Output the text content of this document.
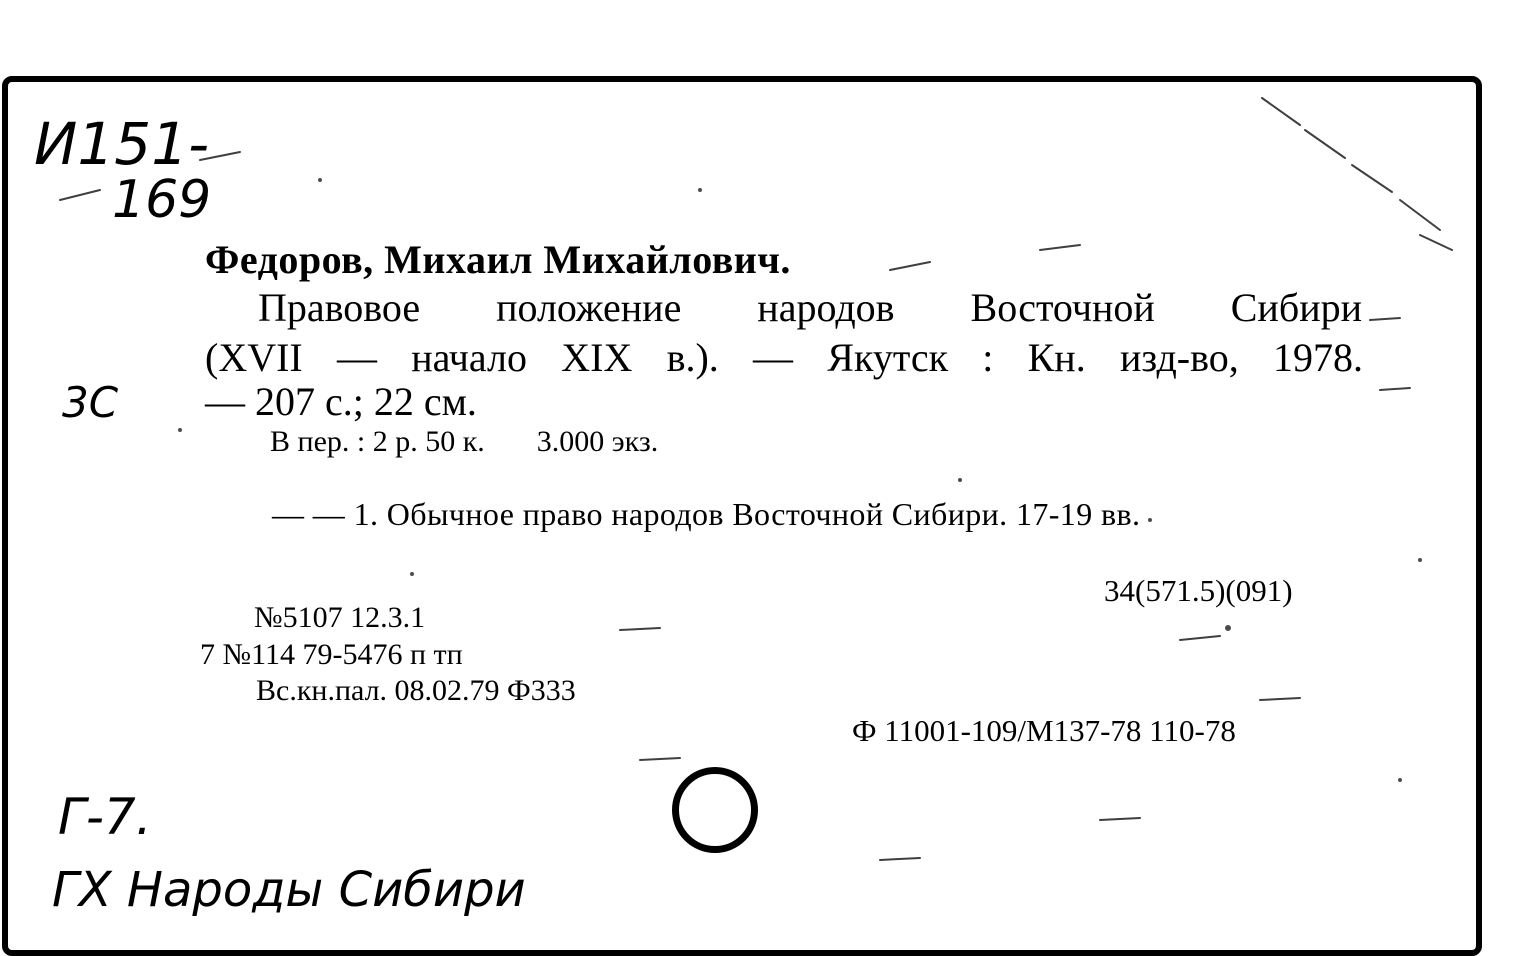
И151-
169
3С
Г-7.
ГХ Народы Сибири
Федоров, Михаил Михайлович.
Правовое положение народов Восточной Сибири
(XVII — начало XIX в.). — Якутск : Кн. изд-во, 1978.
— 207 с.; 22 см.
В пер. : 2 р. 50 к. 3.000 экз.
— — 1. Обычное право народов Восточной Сибири. 17-19 вв.
34(571.5)(091)
№5107 12.3.1
7 №114 79-5476 п тп
Вс.кн.пал. 08.02.79 Ф333
Ф 11001-109/М137-78 110-78
